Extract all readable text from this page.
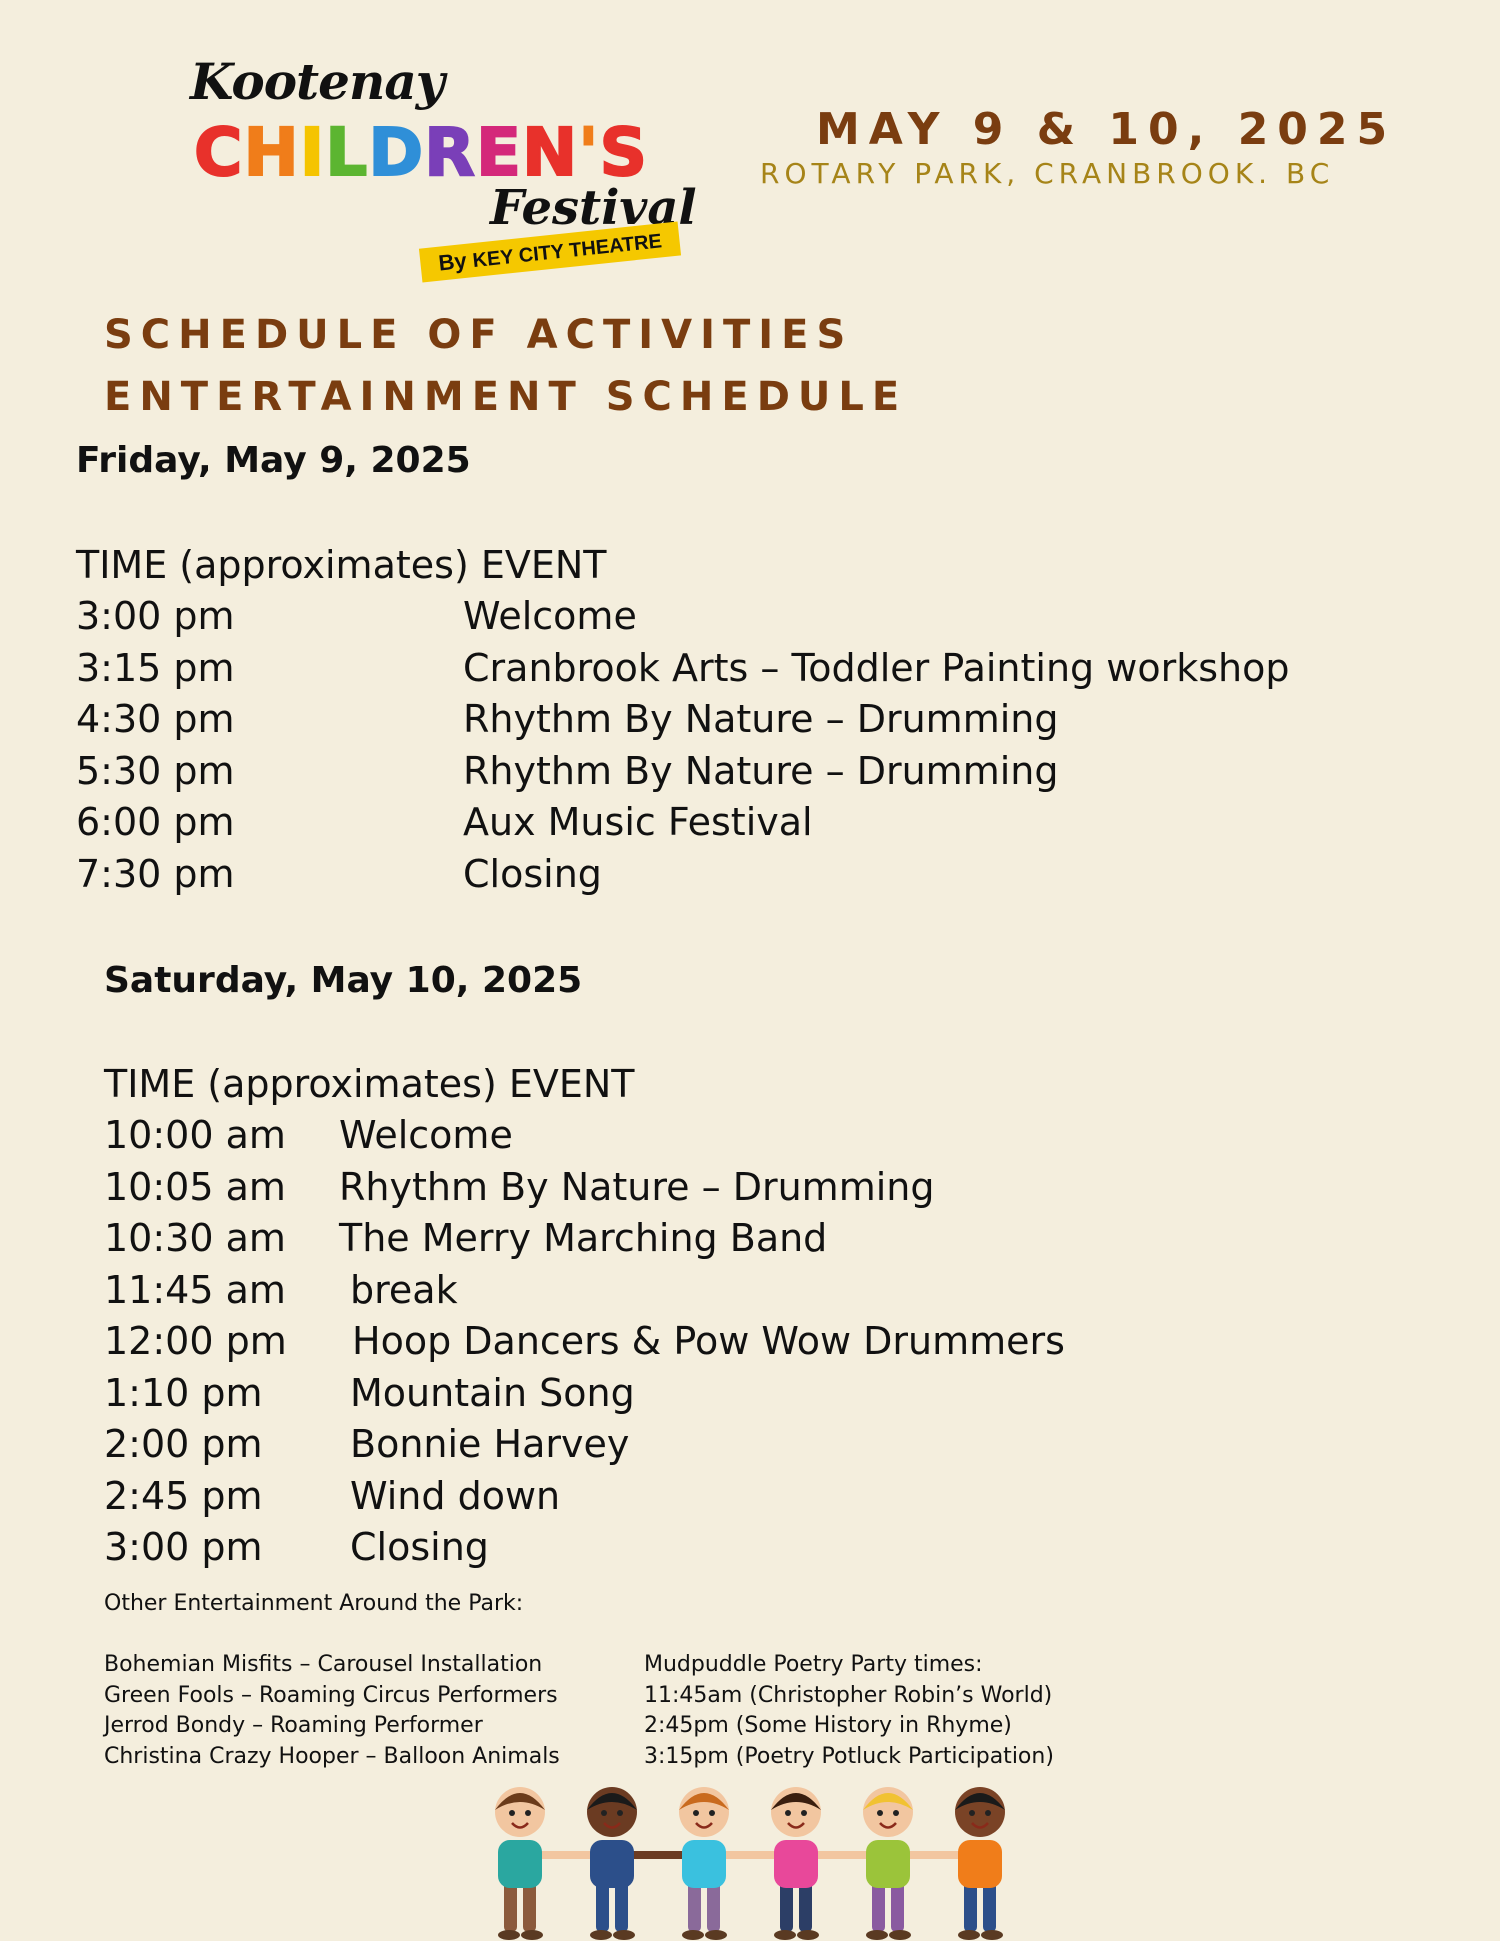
Kootenay
CHILDREN'S
Festival
By KEY CITY THEATRE
MAY 9 & 10, 2025
ROTARY PARK, CRANBROOK. BC
SCHEDULE OF ACTIVITIES
ENTERTAINMENT SCHEDULE
Friday, May 9, 2025
TIME (approximates) EVENT
3:00 pm	Welcome
3:15 pm	Cranbrook Arts – Toddler Painting workshop
4:30 pm	Rhythm By Nature – Drumming
5:30 pm	Rhythm By Nature – Drumming
6:00 pm	Aux Music Festival
7:30 pm	Closing
Saturday, May 10, 2025
TIME (approximates) EVENT
10:00 am Welcome
10:05 am Rhythm By Nature – Drumming
10:30 am The Merry Marching Band
11:45 am break
12:00 pm Hoop Dancers & Pow Wow Drummers
1:10 pm Mountain Song
2:00 pm Bonnie Harvey
2:45 pm Wind down
3:00 pm Closing
Other Entertainment Around the Park:
Bohemian Misfits – Carousel Installation
Green Fools – Roaming Circus Performers
Jerrod Bondy – Roaming Performer
Christina Crazy Hooper – Balloon Animals
Mudpuddle Poetry Party times:
11:45am (Christopher Robin’s World)
2:45pm (Some History in Rhyme)
3:15pm (Poetry Potluck Participation)
